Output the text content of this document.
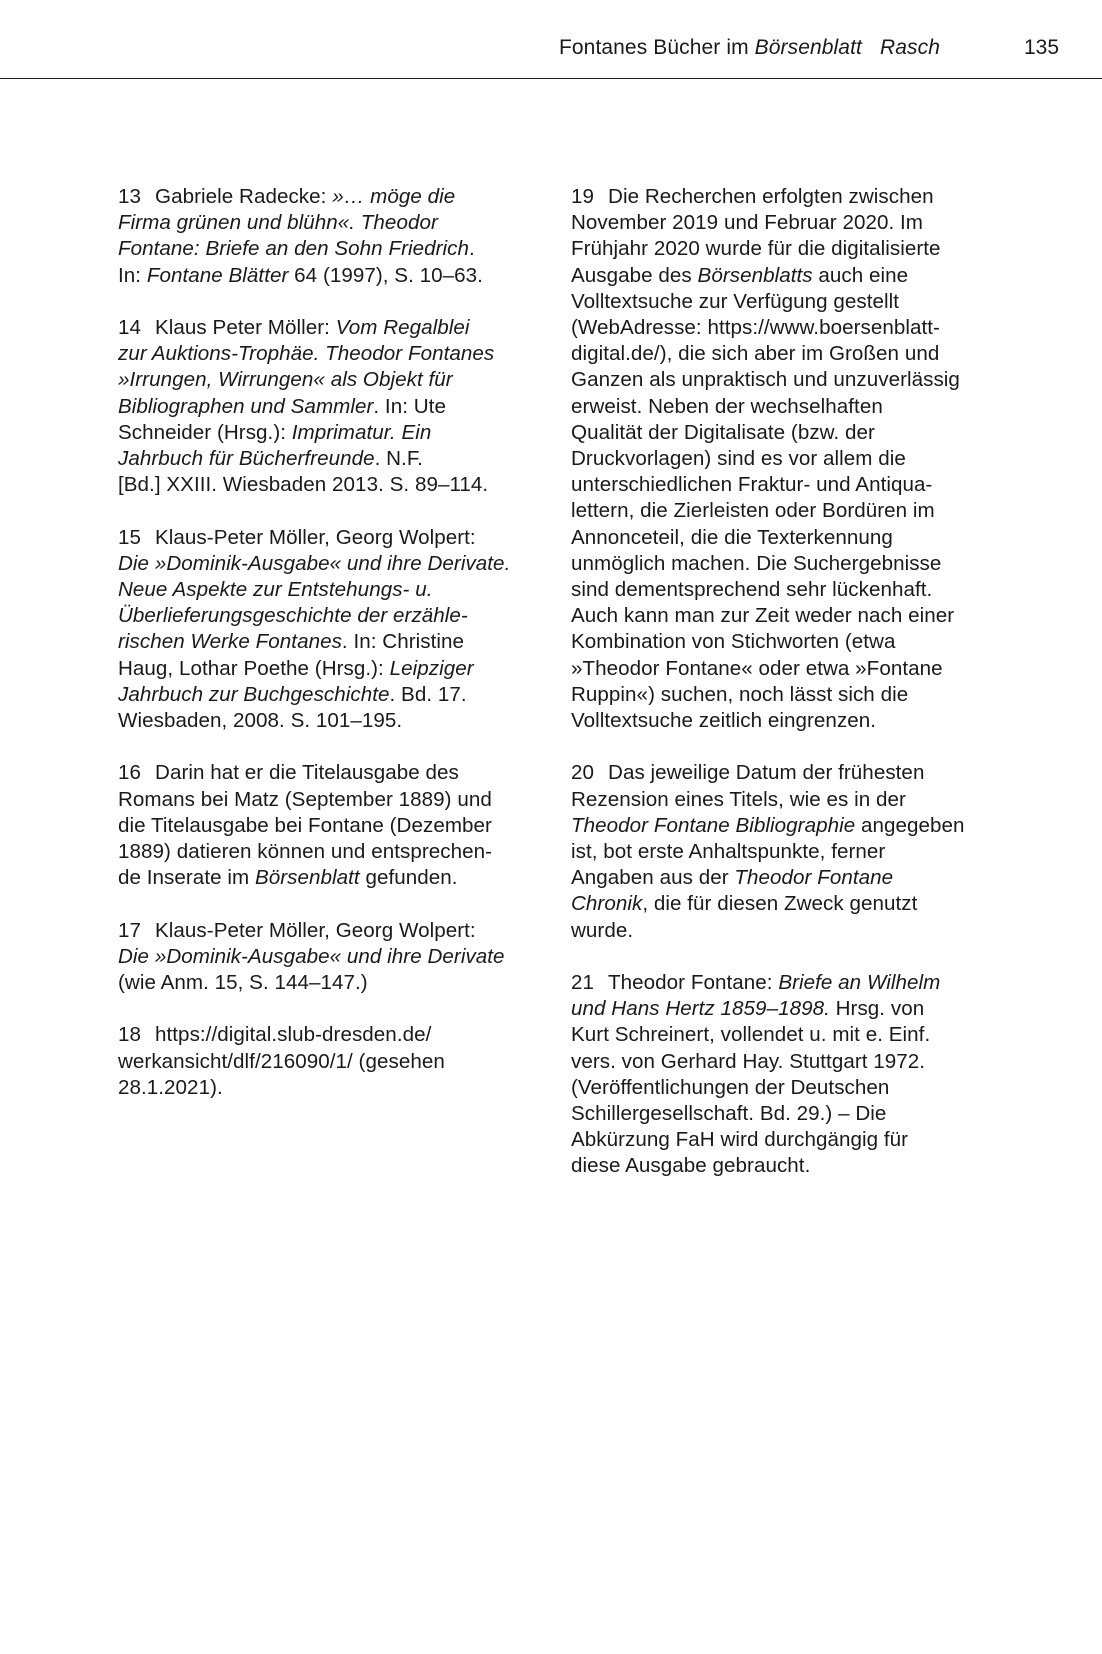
Fontanes Bücher im Börsenblatt Rasch	135
13 Gabriele Radecke: »… möge die
Firma grünen und blühn«. Theodor
Fontane: Briefe an den Sohn Friedrich.
In: Fontane Blätter 64 (1997), S. 10–63.
14 Klaus Peter Möller: Vom Regalblei
zur Auktions-Trophäe. Theodor Fontanes
»Irrungen, Wirrungen« als Objekt für
Bibliographen und Sammler. In: Ute
Schneider (Hrsg.): Imprimatur. Ein
Jahrbuch für Bücherfreunde. N.F.
[Bd.] XXIII. Wiesbaden 2013. S. 89–114.
15 Klaus-Peter Möller, Georg Wolpert:
Die »Dominik-Ausgabe« und ihre Derivate.
Neue Aspekte zur Entstehungs- u.
Überlieferungsgeschichte der erzähle-
rischen Werke Fontanes. In: Christine
Haug, Lothar Poethe (Hrsg.): Leipziger
Jahrbuch zur Buchgeschichte. Bd. 17.
Wiesbaden, 2008. S. 101–195.
16 Darin hat er die Titelausgabe des
Romans bei Matz (September 1889) und
die Titelausgabe bei Fontane (Dezember
1889) datieren können und entsprechen-
de Inserate im Börsenblatt gefunden.
17 Klaus-Peter Möller, Georg Wolpert:
Die »Dominik-Ausgabe« und ihre Derivate
(wie Anm. 15, S. 144–147.)
18 https://digital.slub-dresden.de/
werkansicht/dlf/216090/1/ (gesehen
28.1.2021).
19 Die Recherchen erfolgten zwischen
November 2019 und Februar 2020. Im
Frühjahr 2020 wurde für die digitalisierte
Ausgabe des Börsenblatts auch eine
Volltextsuche zur Verfügung gestellt
(WebAdresse: https://www.boersenblatt-
digital.de/), die sich aber im Großen und
Ganzen als unpraktisch und unzuverlässig
erweist. Neben der wechselhaften
Qualität der Digitalisate (bzw. der
Druckvorlagen) sind es vor allem die
unterschiedlichen Fraktur- und Antiqua-
lettern, die Zierleisten oder Bordüren im
Annonceteil, die die Texterkennung
unmöglich machen. Die Suchergebnisse
sind dementsprechend sehr lückenhaft.
Auch kann man zur Zeit weder nach einer
Kombination von Stichworten (etwa
»Theodor Fontane« oder etwa »Fontane
Ruppin«) suchen, noch lässt sich die
Volltextsuche zeitlich eingrenzen.
20 Das jeweilige Datum der frühesten
Rezension eines Titels, wie es in der
Theodor Fontane Bibliographie angegeben
ist, bot erste Anhaltspunkte, ferner
Angaben aus der Theodor Fontane
Chronik, die für diesen Zweck genutzt
wurde.
21 Theodor Fontane: Briefe an Wilhelm
und Hans Hertz 1859–1898. Hrsg. von
Kurt Schreinert, vollendet u. mit e. Einf.
vers. von Gerhard Hay. Stuttgart 1972.
(Veröffentlichungen der Deutschen
Schillergesellschaft. Bd. 29.) – Die
Abkürzung FaH wird durchgängig für
diese Ausgabe gebraucht.
